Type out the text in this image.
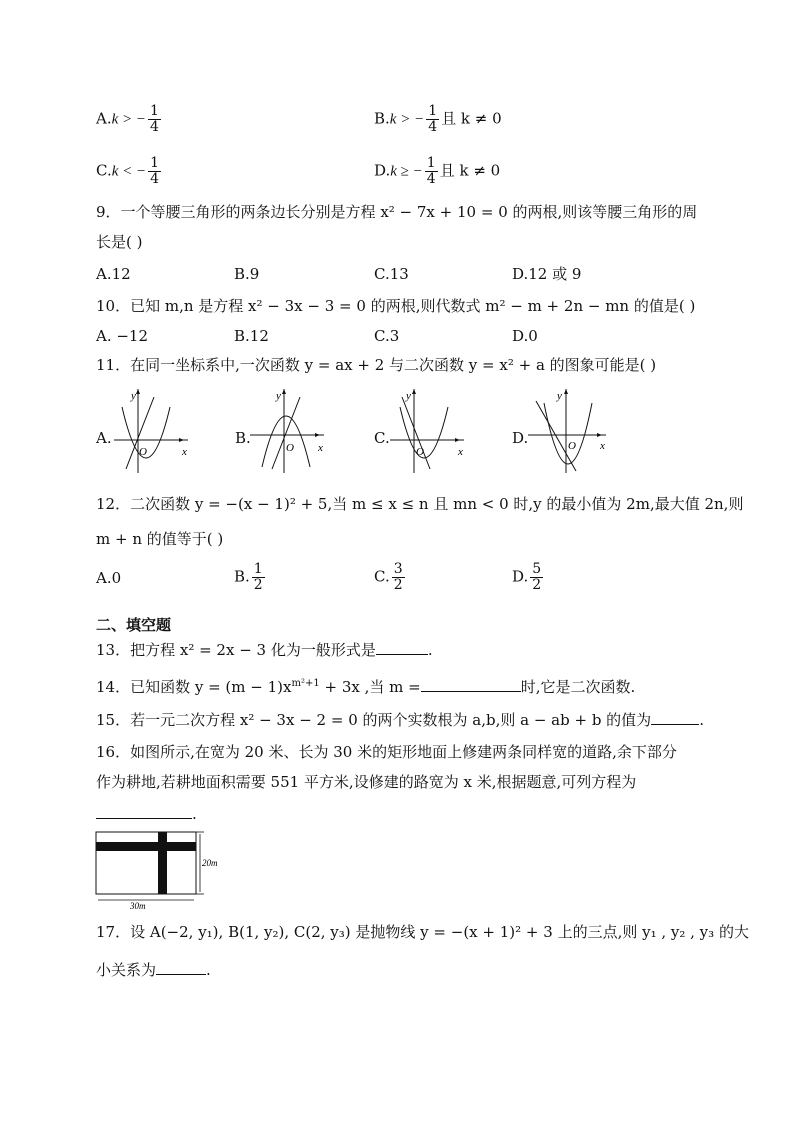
A.k > − $\frac{1}{4}$	B.k > − $\frac{1}{4}$ 且 k ≠ 0
C.k < − $\frac{1}{4}$	D.k ≥ − $\frac{1}{4}$ 且 k ≠ 0
9．一个等腰三角形的两条边长分别是方程 x² − 7x + 10 = 0 的两根,则该等腰三角形的周
长是( )
A.12	B.9	C.13	D.12 或 9
10．已知 m,n 是方程 x² − 3x − 3 = 0 的两根,则代数式 m² − m + 2n − mn 的值是( )
A. −12	B.12	C.3	D.0
11．在同一坐标系中,一次函数 y = ax + 2 与二次函数 y = x² + a 的图象可能是( )
A.
y
x
O
B.
y
x
O
C.
y
x
O
D.
y
x
O
12．二次函数 y = −(x − 1)² + 5,当 m ≤ x ≤ n 且 mn < 0 时,y 的最小值为 2m,最大值 2n,则
m + n 的值等于( )
A.0	B. $\frac{1}{2}$	C. $\frac{3}{2}$	D. $\frac{5}{2}$
二、填空题
13．把方程 x² = 2x − 3 化为一般形式是	.
14．已知函数 $y = (m - 1)x^{m^2+1} + 3x$ ,当 m =	时,它是二次函数.
15．若一元二次方程 x² − 3x − 2 = 0 的两个实数根为 a,b,则 a − ab + b 的值为	.
16．如图所示,在宽为 20 米、长为 30 米的矩形地面上修建两条同样宽的道路,余下部分
作为耕地,若耕地面积需要 551 平方米,设修建的路宽为 x 米,根据题意,可列方程为
.
20m
30m
17．设 A(−2, y₁), B(1, y₂), C(2, y₃) 是抛物线 y = −(x + 1)² + 3 上的三点,则 y₁ , y₂ , y₃ 的大
小关系为	.
